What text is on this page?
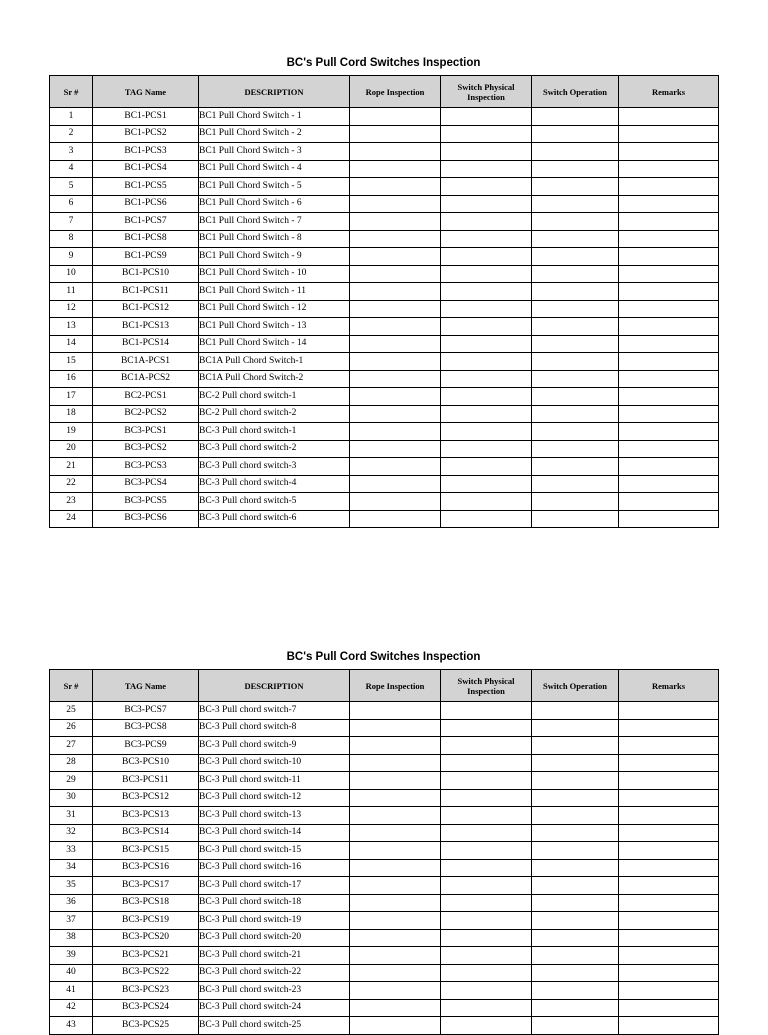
BC's Pull Cord Switches Inspection
Sr #	TAG Name	DESCRIPTION	Rope Inspection	Switch Physical Inspection	Switch Operation	Remarks
1	BC1-PCS1	BC1 Pull Chord Switch - 1				
2	BC1-PCS2	BC1 Pull Chord Switch - 2				
3	BC1-PCS3	BC1 Pull Chord Switch - 3				
4	BC1-PCS4	BC1 Pull Chord Switch - 4				
5	BC1-PCS5	BC1 Pull Chord Switch - 5				
6	BC1-PCS6	BC1 Pull Chord Switch - 6				
7	BC1-PCS7	BC1 Pull Chord Switch - 7				
8	BC1-PCS8	BC1 Pull Chord Switch - 8				
9	BC1-PCS9	BC1 Pull Chord Switch - 9				
10	BC1-PCS10	BC1 Pull Chord Switch - 10				
11	BC1-PCS11	BC1 Pull Chord Switch - 11				
12	BC1-PCS12	BC1 Pull Chord Switch - 12				
13	BC1-PCS13	BC1 Pull Chord Switch - 13				
14	BC1-PCS14	BC1 Pull Chord Switch - 14				
15	BC1A-PCS1	BC1A Pull Chord Switch-1				
16	BC1A-PCS2	BC1A Pull Chord Switch-2				
17	BC2-PCS1	BC-2 Pull chord switch-1				
18	BC2-PCS2	BC-2 Pull chord switch-2				
19	BC3-PCS1	BC-3 Pull chord switch-1				
20	BC3-PCS2	BC-3 Pull chord switch-2				
21	BC3-PCS3	BC-3 Pull chord switch-3				
22	BC3-PCS4	BC-3 Pull chord switch-4				
23	BC3-PCS5	BC-3 Pull chord switch-5				
24	BC3-PCS6	BC-3 Pull chord switch-6				
BC's Pull Cord Switches Inspection
Sr #	TAG Name	DESCRIPTION	Rope Inspection	Switch Physical Inspection	Switch Operation	Remarks
25	BC3-PCS7	BC-3 Pull chord switch-7				
26	BC3-PCS8	BC-3 Pull chord switch-8				
27	BC3-PCS9	BC-3 Pull chord switch-9				
28	BC3-PCS10	BC-3 Pull chord switch-10				
29	BC3-PCS11	BC-3 Pull chord switch-11				
30	BC3-PCS12	BC-3 Pull chord switch-12				
31	BC3-PCS13	BC-3 Pull chord switch-13				
32	BC3-PCS14	BC-3 Pull chord switch-14				
33	BC3-PCS15	BC-3 Pull chord switch-15				
34	BC3-PCS16	BC-3 Pull chord switch-16				
35	BC3-PCS17	BC-3 Pull chord switch-17				
36	BC3-PCS18	BC-3 Pull chord switch-18				
37	BC3-PCS19	BC-3 Pull chord switch-19				
38	BC3-PCS20	BC-3 Pull chord switch-20				
39	BC3-PCS21	BC-3 Pull chord switch-21				
40	BC3-PCS22	BC-3 Pull chord switch-22				
41	BC3-PCS23	BC-3 Pull chord switch-23				
42	BC3-PCS24	BC-3 Pull chord switch-24				
43	BC3-PCS25	BC-3 Pull chord switch-25				
